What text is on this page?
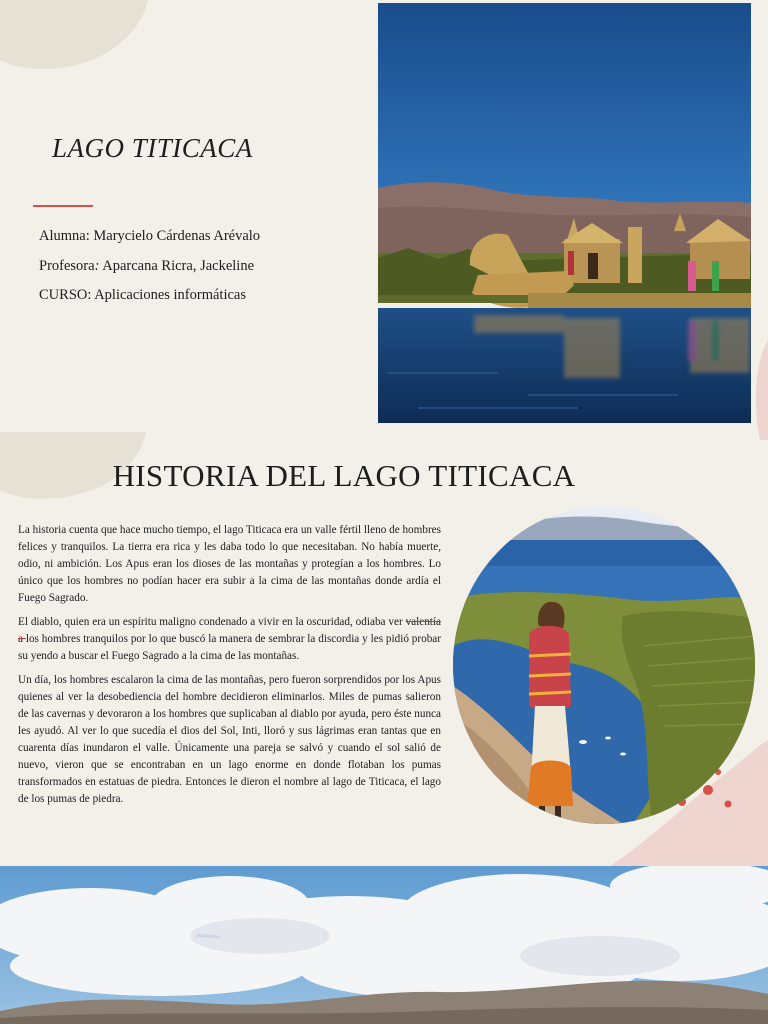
LAGO TITICACA
Alumna: Marycielo Cárdenas Arévalo
Profesora: Aparcana Ricra, Jackeline
CURSO: Aplicaciones informáticas
HISTORIA DEL LAGO TITICACA

La historia cuenta que hace mucho tiempo, el lago Titicaca era un valle fértil lleno de hombres felices y tranquilos. La tierra era rica y les daba todo lo que necesitaban. No había muerte, odio, ni ambición. Los Apus eran los dioses de las montañas y protegían a los hombres. Lo único que los hombres no podían hacer era subir a la cima de las montañas donde ardía el Fuego Sagrado.

El diablo, quien era un espíritu maligno condenado a vivir en la oscuridad, odiaba ver valentía a los hombres tranquilos por lo que buscó la manera de sembrar la discordia y les pidió probar su yendo a buscar el Fuego Sagrado a la cima de las montañas.

Un día, los hombres escalaron la cima de las montañas, pero fueron sorprendidos por los Apus quienes al ver la desobediencia del hombre decidieron eliminarlos. Miles de pumas salieron de las cavernas y devoraron a los hombres que suplicaban al diablo por ayuda, pero éste nunca les ayudó. Al ver lo que sucedía el dios del Sol, Inti, lloró y sus lágrimas eran tantas que en cuarenta días inundaron el valle. Únicamente una pareja se salvó y cuando el sol salió de nuevo, vieron que se encontraban en un lago enorme en donde flotaban los pumas transformados en estatuas de piedra. Entonces le dieron el nombre al lago de Titicaca, el lago de los pumas de piedra.
